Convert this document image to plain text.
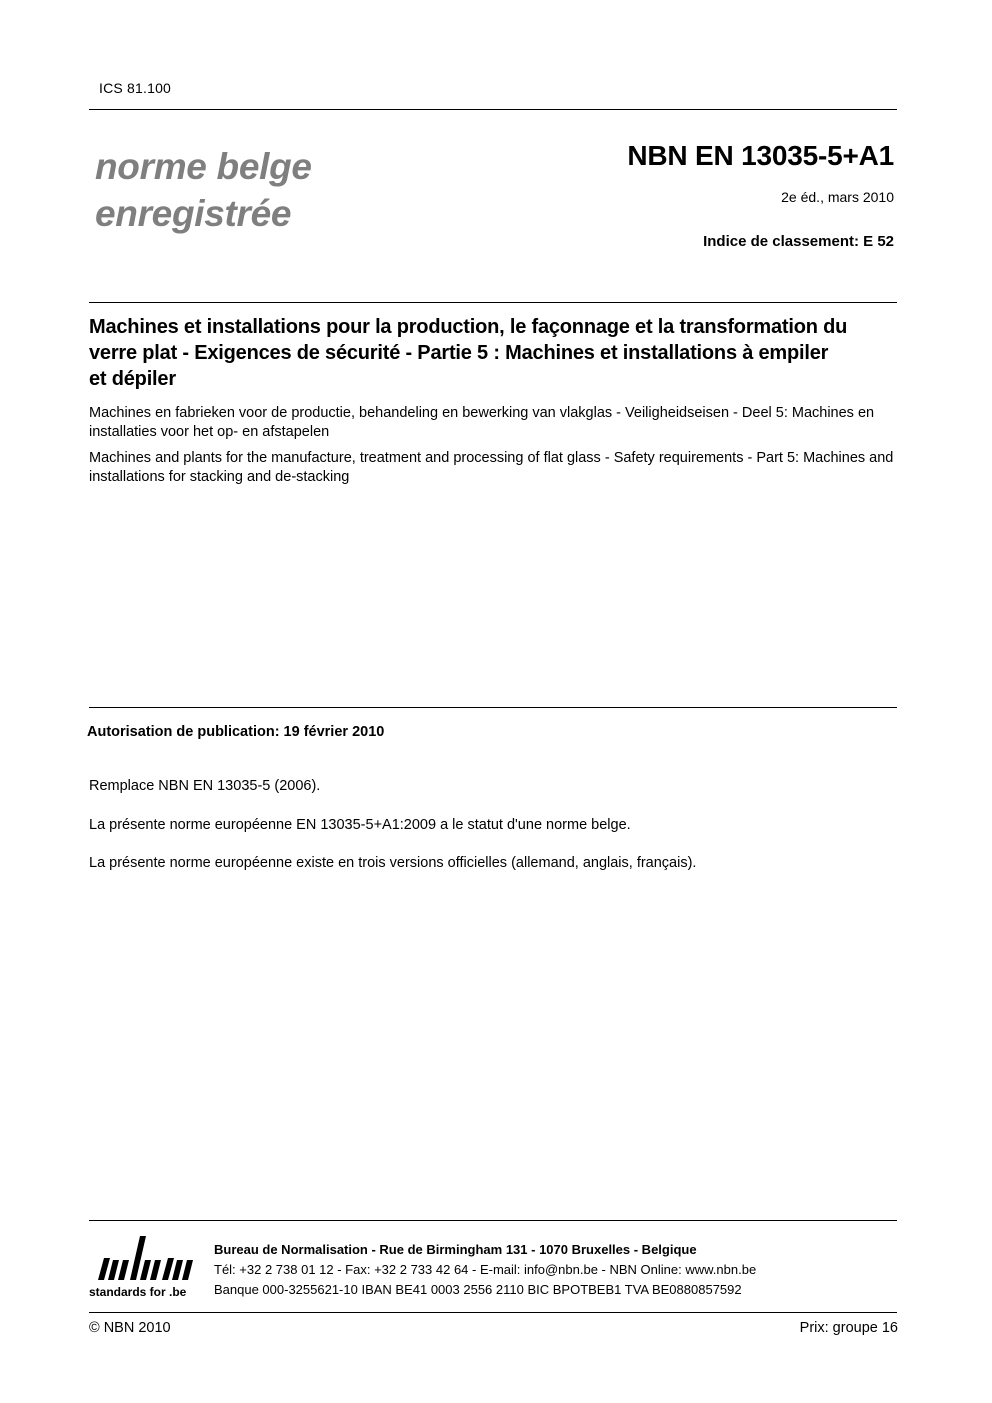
ICS 81.100
norme belge
enregistrée
NBN EN 13035-5+A1
2e éd., mars 2010
Indice de classement: E 52
Machines et installations pour la production, le façonnage et la transformation du verre plat - Exigences de sécurité - Partie 5 : Machines et installations à empiler et dépiler
Machines en fabrieken voor de productie, behandeling en bewerking van vlakglas - Veiligheidseisen - Deel 5: Machines en installaties voor het op- en afstapelen
Machines and plants for the manufacture, treatment and processing of flat glass - Safety requirements - Part 5: Machines and installations for stacking and de-stacking
Autorisation de publication: 19 février 2010
Remplace NBN EN 13035-5 (2006).
La présente norme européenne EN 13035-5+A1:2009 a le statut d'une norme belge.
La présente norme européenne existe en trois versions officielles (allemand, anglais, français).
standards for .be
Bureau de Normalisation - Rue de Birmingham 131 - 1070 Bruxelles - Belgique
Tél: +32 2 738 01 12 - Fax: +32 2 733 42 64 - E-mail: info@nbn.be - NBN Online: www.nbn.be
Banque 000-3255621-10 IBAN BE41 0003 2556 2110 BIC BPOTBEB1 TVA BE0880857592
© NBN 2010	Prix: groupe 16
